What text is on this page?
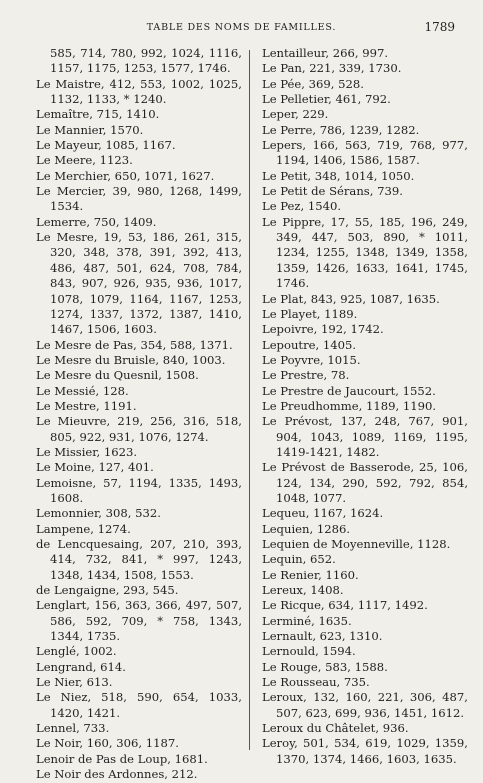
TABLE DES NOMS DE FAMILLES.	1789
585, 714, 780, 992, 1024, 1116, 1157, 1175, 1253, 1577, 1746.
Le Maistre, 412, 553, 1002, 1025, 1132, 1133, * 1240.
Lemaître, 715, 1410.
Le Mannier, 1570.
Le Mayeur, 1085, 1167.
Le Meere, 1123.
Le Merchier, 650, 1071, 1627.
Le Mercier, 39, 980, 1268, 1499, 1534.
Lemerre, 750, 1409.
Le Mesre, 19, 53, 186, 261, 315, 320, 348, 378, 391, 392, 413, 486, 487, 501, 624, 708, 784, 843, 907, 926, 935, 936, 1017, 1078, 1079, 1164, 1167, 1253, 1274, 1337, 1372, 1387, 1410, 1467, 1506, 1603.
Le Mesre de Pas, 354, 588, 1371.
Le Mesre du Bruisle, 840, 1003.
Le Mesre du Quesnil, 1508.
Le Messié, 128.
Le Mestre, 1191.
Le Mieuvre, 219, 256, 316, 518, 805, 922, 931, 1076, 1274.
Le Missier, 1623.
Le Moine, 127, 401.
Lemoisne, 57, 1194, 1335, 1493, 1608.
Lemonnier, 308, 532.
Lampene, 1274.
de Lencquesaing, 207, 210, 393, 414, 732, 841, * 997, 1243, 1348, 1434, 1508, 1553.
de Lengaigne, 293, 545.
Lenglart, 156, 363, 366, 497, 507, 586, 592, 709, * 758, 1343, 1344, 1735.
Lenglé, 1002.
Lengrand, 614.
Le Nier, 613.
Le Niez, 518, 590, 654, 1033, 1420, 1421.
Lennel, 733.
Le Noir, 160, 306, 1187.
Lenoir de Pas de Loup, 1681.
Le Noir des Ardonnes, 212.
Lentailleur, 266, 997.
Le Pan, 221, 339, 1730.
Le Pée, 369, 528.
Le Pelletier, 461, 792.
Leper, 229.
Le Perre, 786, 1239, 1282.
Lepers, 166, 563, 719, 768, 977, 1194, 1406, 1586, 1587.
Le Petit, 348, 1014, 1050.
Le Petit de Sérans, 739.
Le Pez, 1540.
Le Pippre, 17, 55, 185, 196, 249, 349, 447, 503, 890, * 1011, 1234, 1255, 1348, 1349, 1358, 1359, 1426, 1633, 1641, 1745, 1746.
Le Plat, 843, 925, 1087, 1635.
Le Playet, 1189.
Lepoivre, 192, 1742.
Lepoutre, 1405.
Le Poyvre, 1015.
Le Prestre, 78.
Le Prestre de Jaucourt, 1552.
Le Preudhomme, 1189, 1190.
Le Prévost, 137, 248, 767, 901, 904, 1043, 1089, 1169, 1195, 1419-1421, 1482.
Le Prévost de Basserode, 25, 106, 124, 134, 290, 592, 792, 854, 1048, 1077.
Lequeu, 1167, 1624.
Lequien, 1286.
Lequien de Moyenneville, 1128.
Lequin, 652.
Le Renier, 1160.
Lereux, 1408.
Le Ricque, 634, 1117, 1492.
Lerminé, 1635.
Lernault, 623, 1310.
Lernould, 1594.
Le Rouge, 583, 1588.
Le Rousseau, 735.
Leroux, 132, 160, 221, 306, 487, 507, 623, 699, 936, 1451, 1612.
Leroux du Châtelet, 936.
Leroy, 501, 534, 619, 1029, 1359, 1370, 1374, 1466, 1603, 1635.
